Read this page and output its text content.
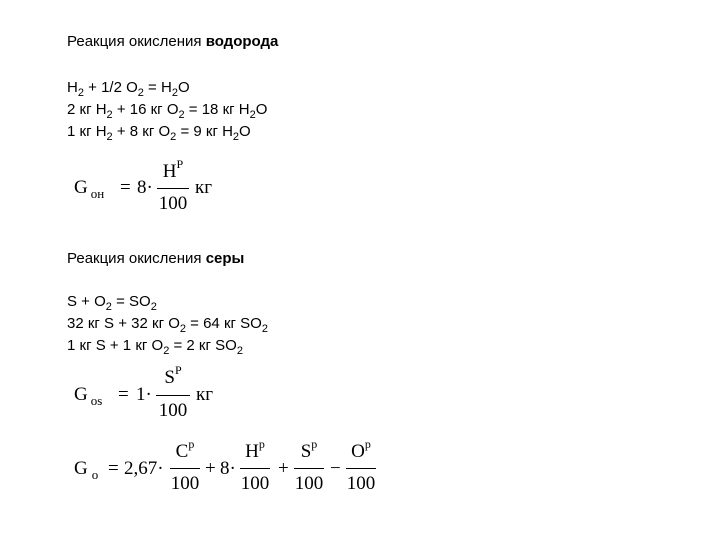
Реакция окисления водорода
$H_2 + 1/2$ $O_2 = H_2O$
2 кг $H_2 + 16$ кг $O_2 = 18$ кг $H_2O$
1 кг $H_2 + 8$ кг $O_2 = 9$ кг $H_2O$
G $_{он}$ = 8·
$H^P$
100
кг
Реакция окисления серы
$S + O_2 = SO_2$
32 кг S + 32 кг $O_2 = 64$ кг $SO_2$
1 кг S + 1 кг $O_2 = 2$ кг $SO_2$
G $_{os}$ = 1·
$S^P$
100
кг
G $_o$ = 2,67·
$C^p$
100
+ 8·
$H^p$
100
+
$S^p$
100
−
$O^p$
100
